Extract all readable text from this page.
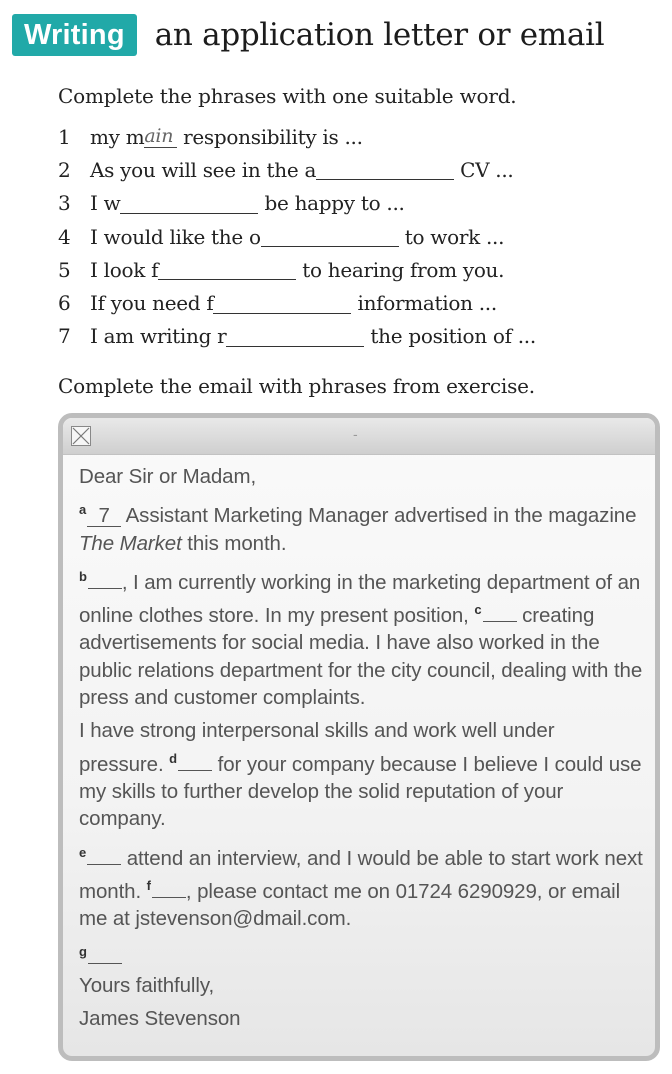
Writing an application letter or email
Complete the phrases with one suitable word.
1 my m ain responsibility is ...
2 As you will see in the a	CV ...
3 I w	be happy to ...
4 I would like the o	to work ...
5 I look f	to hearing from you.
6 If you need f	information ...
7 I am writing r	the position of ...
Complete the email with phrases from exercise.
-

Dear Sir or Madam,

$^a$ 7 Assistant Marketing Manager advertised in the magazine The Market this month.

$^b$ , I am currently working in the marketing department of an online clothes store. In my present position, $^c$ creating advertisements for social media. I have also worked in the public relations department for the city council, dealing with the press and customer complaints.

I have strong interpersonal skills and work well under pressure. $^d$ for your company because I believe I could use my skills to further develop the solid reputation of your company.

$^e$ attend an interview, and I would be able to start work next month. $^f$ , please contact me on 01724 6290929, or email me at jstevenson@dmail.com.

$^g$

Yours faithfully,

James Stevenson
